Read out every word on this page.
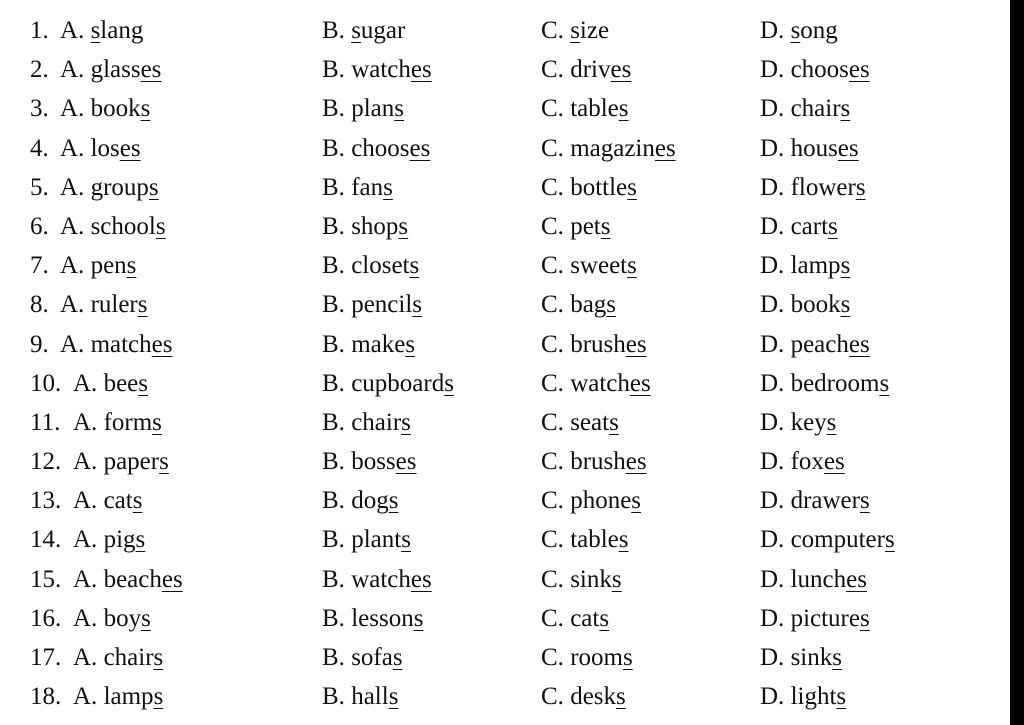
1. A. slang	B. sugar	C. size	D. song
2. A. glasses	B. watches	C. drives	D. chooses
3. A. books	B. plans	C. tables	D. chairs
4. A. loses	B. chooses	C. magazines	D. houses
5. A. groups	B. fans	C. bottles	D. flowers
6. A. schools	B. shops	C. pets	D. carts
7. A. pens	B. closets	C. sweets	D. lamps
8. A. rulers	B. pencils	C. bags	D. books
9. A. matches	B. makes	C. brushes	D. peaches
10. A. bees	B. cupboards	C. watches	D. bedrooms
11. A. forms	B. chairs	C. seats	D. keys
12. A. papers	B. bosses	C. brushes	D. foxes
13. A. cats	B. dogs	C. phones	D. drawers
14. A. pigs	B. plants	C. tables	D. computers
15. A. beaches	B. watches	C. sinks	D. lunches
16. A. boys	B. lessons	C. cats	D. pictures
17. A. chairs	B. sofas	C. rooms	D. sinks
18. A. lamps	B. halls	C. desks	D. lights
